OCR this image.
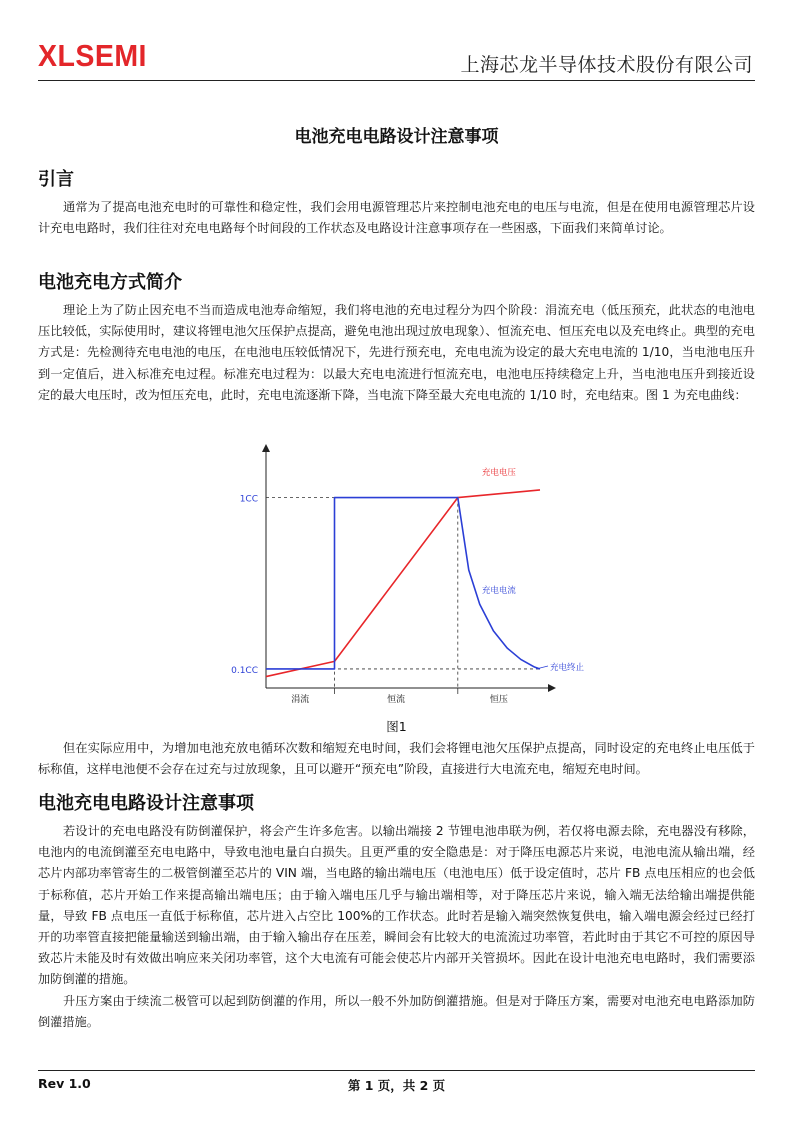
XLSEMI	上海芯龙半导体技术股份有限公司
电池充电电路设计注意事项
引言

通常为了提高电池充电时的可靠性和稳定性，我们会用电源管理芯片来控制电池充电的电压与电流，但是在使用电源管理芯片设计充电电路时，我们往往对充电电路每个时间段的工作状态及电路设计注意事项存在一些困惑，下面我们来简单讨论。

电池充电方式简介

理论上为了防止因充电不当而造成电池寿命缩短，我们将电池的充电过程分为四个阶段：涓流充电（低压预充，此状态的电池电压比较低，实际使用时，建议将锂电池欠压保护点提高，避免电池出现过放电现象）、恒流充电、恒压充电以及充电终止。典型的充电方式是：先检测待充电电池的电压，在电池电压较低情况下，先进行预充电，充电电流为设定的最大充电电流的 1/10，当电池电压升到一定值后，进入标准充电过程。标准充电过程为：以最大充电电流进行恒流充电，电池电压持续稳定上升，当电池电压升到接近设定的最大电压时，改为恒压充电，此时，充电电流逐渐下降，当电流下降至最大充电电流的 1/10 时，充电结束。图 1 为充电曲线：

1CC
0.1CC
涓流	恒流	恒压
充电电压
充电电流
充电终止
图1

但在实际应用中，为增加电池充放电循环次数和缩短充电时间，我们会将锂电池欠压保护点提高，同时设定的充电终止电压低于标称值，这样电池便不会存在过充与过放现象，且可以避开“预充电”阶段，直接进行大电流充电，缩短充电时间。

电池充电电路设计注意事项

若设计的充电电路没有防倒灌保护，将会产生许多危害。以输出端接 2 节锂电池串联为例，若仅将电源去除，充电器没有移除，电池内的电流倒灌至充电电路中，导致电池电量白白损失。且更严重的安全隐患是：对于降压电源芯片来说，电池电流从输出端，经芯片内部功率管寄生的二极管倒灌至芯片的 VIN 端，当电路的输出端电压（电池电压）低于设定值时，芯片 FB 点电压相应的也会低于标称值，芯片开始工作来提高输出端电压；由于输入端电压几乎与输出端相等，对于降压芯片来说，输入端无法给输出端提供能量，导致 FB 点电压一直低于标称值，芯片进入占空比 100%的工作状态。此时若是输入端突然恢复供电，输入端电源会经过已经打开的功率管直接把能量输送到输出端，由于输入输出存在压差，瞬间会有比较大的电流流过功率管，若此时由于其它不可控的原因导致芯片未能及时有效做出响应来关闭功率管，这个大电流有可能会使芯片内部开关管损坏。因此在设计电池充电电路时，我们需要添加防倒灌的措施。

升压方案由于续流二极管可以起到防倒灌的作用，所以一般不外加防倒灌措施。但是对于降压方案，需要对电池充电电路添加防倒灌措施。

Rev 1.0	第 1 页，共 2 页
